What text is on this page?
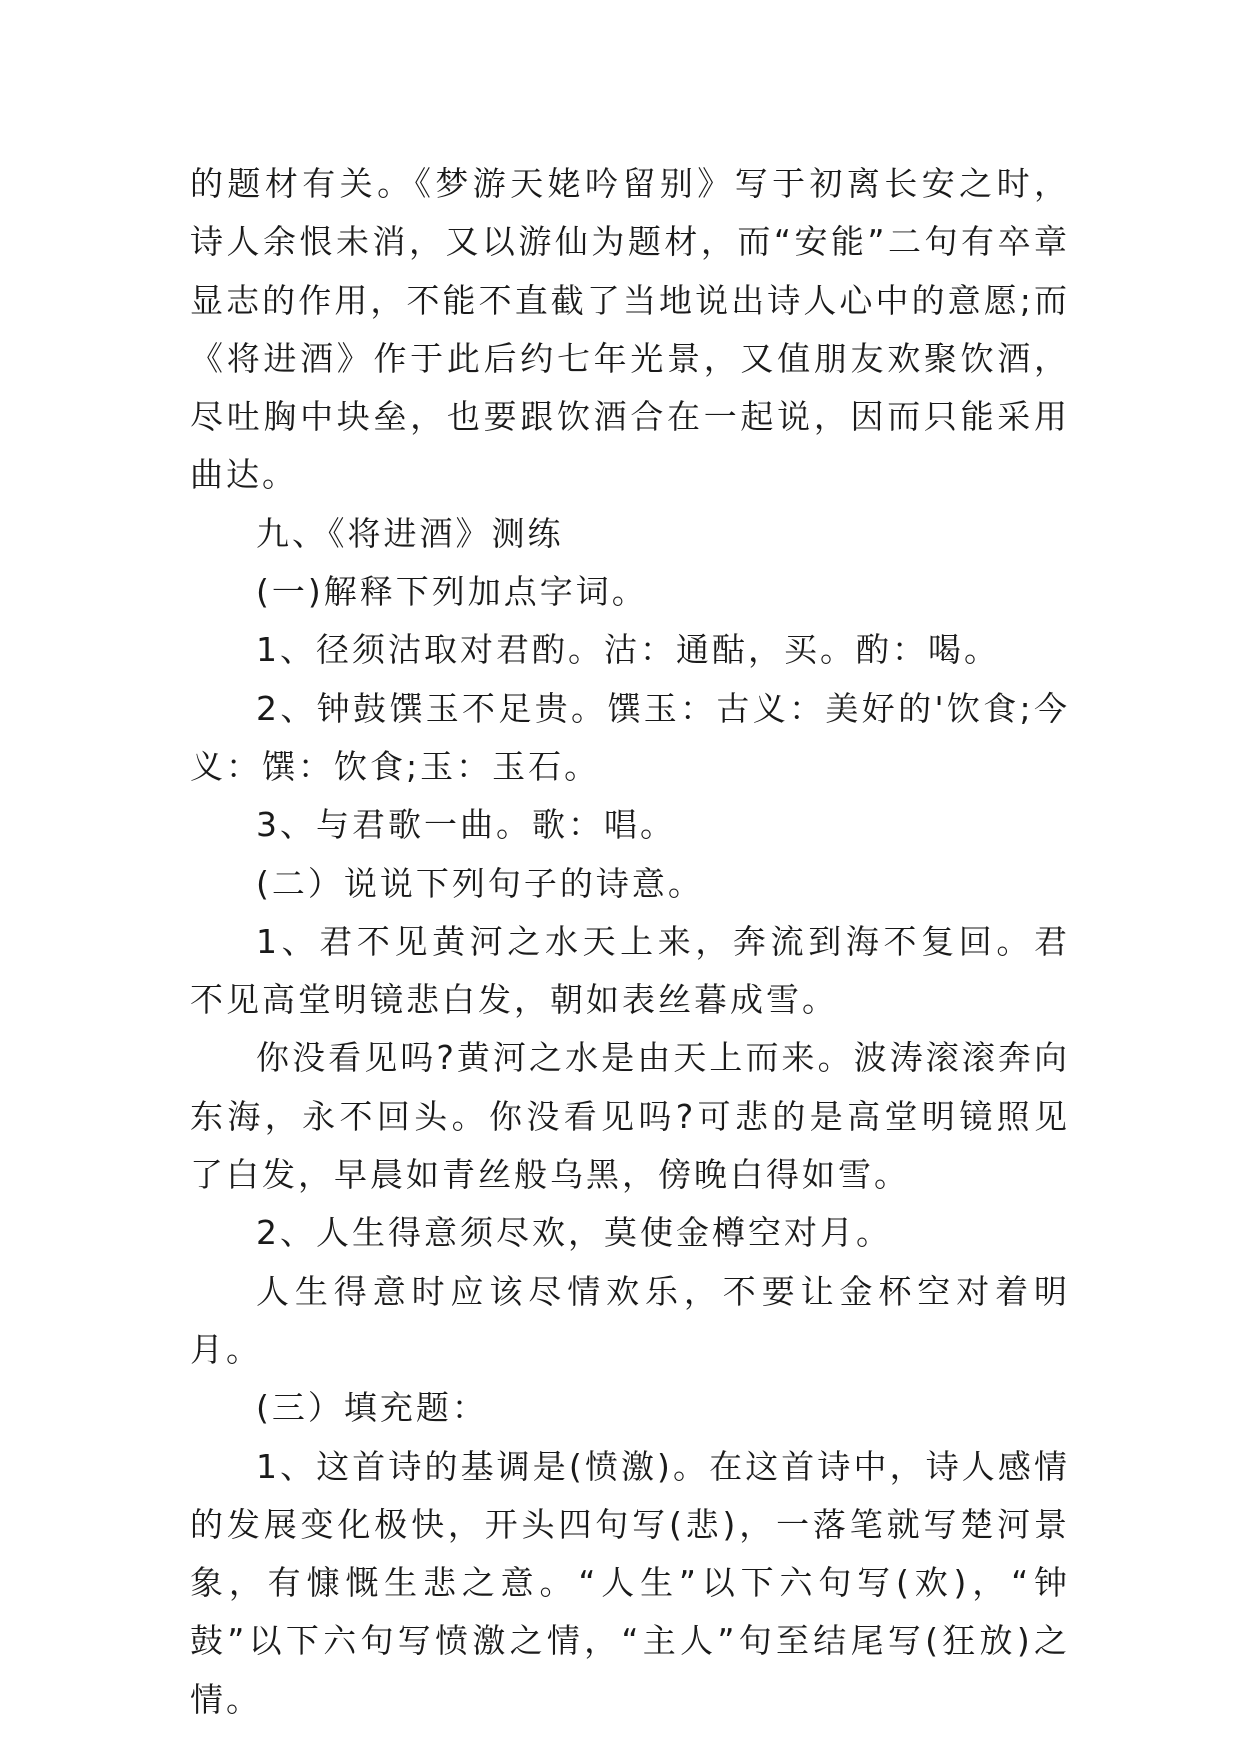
的题材有关。《梦游天姥吟留别》写于初离长安之时，诗人余恨未消，又以游仙为题材，而“安能”二句有卒章显志的作用，不能不直截了当地说出诗人心中的意愿;而《将进酒》作于此后约七年光景，又值朋友欢聚饮酒，尽吐胸中块垒，也要跟饮酒合在一起说，因而只能采用曲达。

九、《将进酒》测练

(一)解释下列加点字词。

1、径须沽取对君酌。沽：通酤，买。酌：喝。

2、钟鼓馔玉不足贵。馔玉：古义：美好的'饮食;今义：馔：饮食;玉：玉石。

3、与君歌一曲。歌：唱。

(二）说说下列句子的诗意。

1、君不见黄河之水天上来，奔流到海不复回。君不见高堂明镜悲白发，朝如表丝暮成雪。

你没看见吗?黄河之水是由天上而来。波涛滚滚奔向东海，永不回头。你没看见吗?可悲的是高堂明镜照见了白发，早晨如青丝般乌黑，傍晚白得如雪。

2、人生得意须尽欢，莫使金樽空对月。

人生得意时应该尽情欢乐，不要让金杯空对着明月。

(三）填充题：

1、这首诗的基调是(愤激)。在这首诗中，诗人感情的发展变化极快，开头四句写(悲)，一落笔就写楚河景象，有慷慨生悲之意。“人生”以下六句写(欢)，“钟鼓”以下六句写愤激之情，“主人”句至结尾写(狂放)之情。
